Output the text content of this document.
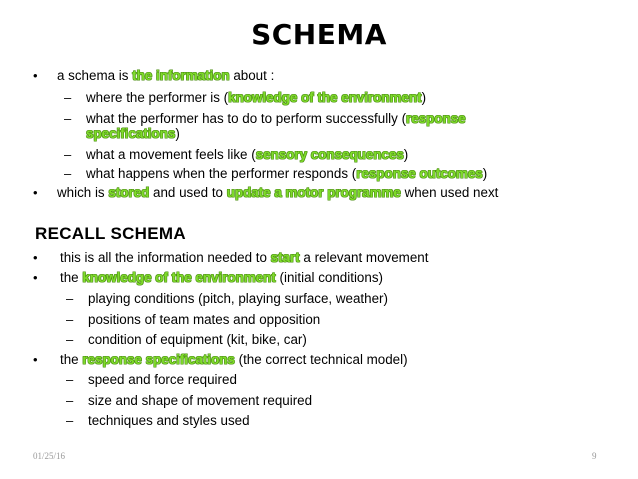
SCHEMA
• a schema is the information about :
– where the performer is (knowledge of the environment)
– what the performer has to do to perform successfully (response
specifications)
– what a movement feels like (sensory consequences)
– what happens when the performer responds (response outcomes)
• which is stored and used to update a motor programme when used next
RECALL SCHEMA
• this is all the information needed to start a relevant movement
• the knowledge of the environment (initial conditions)
– playing conditions (pitch, playing surface, weather)
– positions of team mates and opposition
– condition of equipment (kit, bike, car)
• the response specifications (the correct technical model)
– speed and force required
– size and shape of movement required
– techniques and styles used
01/25/16	9
